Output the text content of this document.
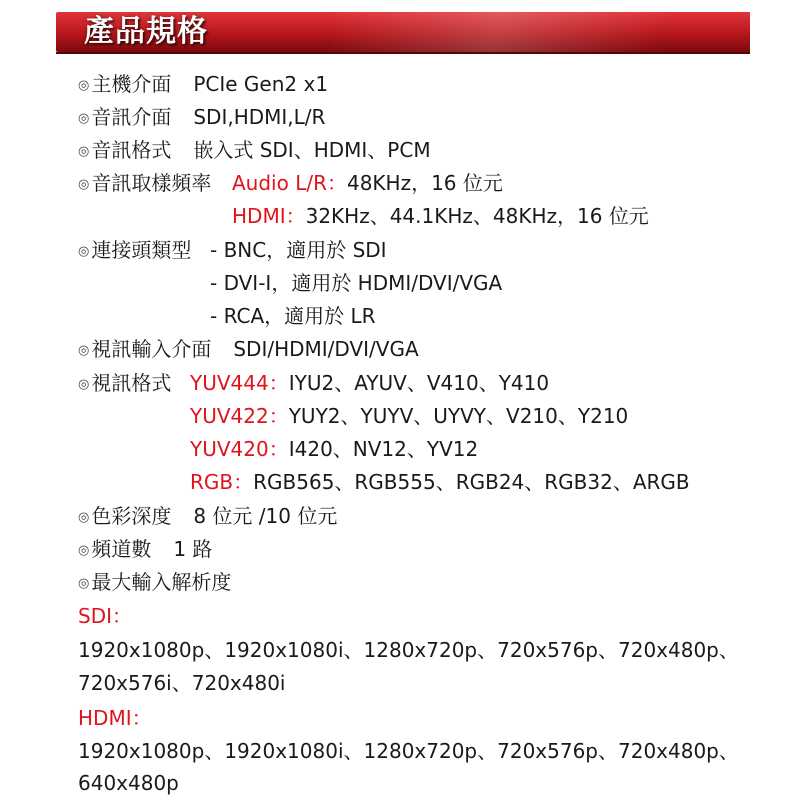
產品規格
◎ 主機介面 PCIe Gen2 x1
◎ 音訊介面 SDI,HDMI,L/R
◎ 音訊格式 嵌入式 SDI、HDMI、PCM
◎ 音訊取樣頻率 Audio L/R：48KHz，16 位元
HDMI：32KHz、44.1KHz、48KHz，16 位元
◎ 連接頭類型 - BNC，適用於 SDI
- DVI-I，適用於 HDMI/DVI/VGA
- RCA，適用於 LR
◎ 視訊輸入介面 SDI/HDMI/DVI/VGA
◎ 視訊格式 YUV444：IYU2、AYUV、V410、Y410
YUV422：YUY2、YUYV、UYVY、V210、Y210
YUV420：I420、NV12、YV12
RGB：RGB565、RGB555、RGB24、RGB32、ARGB
◎ 色彩深度 8 位元 /10 位元
◎ 頻道數 1 路
◎ 最大輸入解析度
SDI：
1920x1080p、1920x1080i、1280x720p、720x576p、720x480p、
720x576i、720x480i
HDMI：
1920x1080p、1920x1080i、1280x720p、720x576p、720x480p、
640x480p
